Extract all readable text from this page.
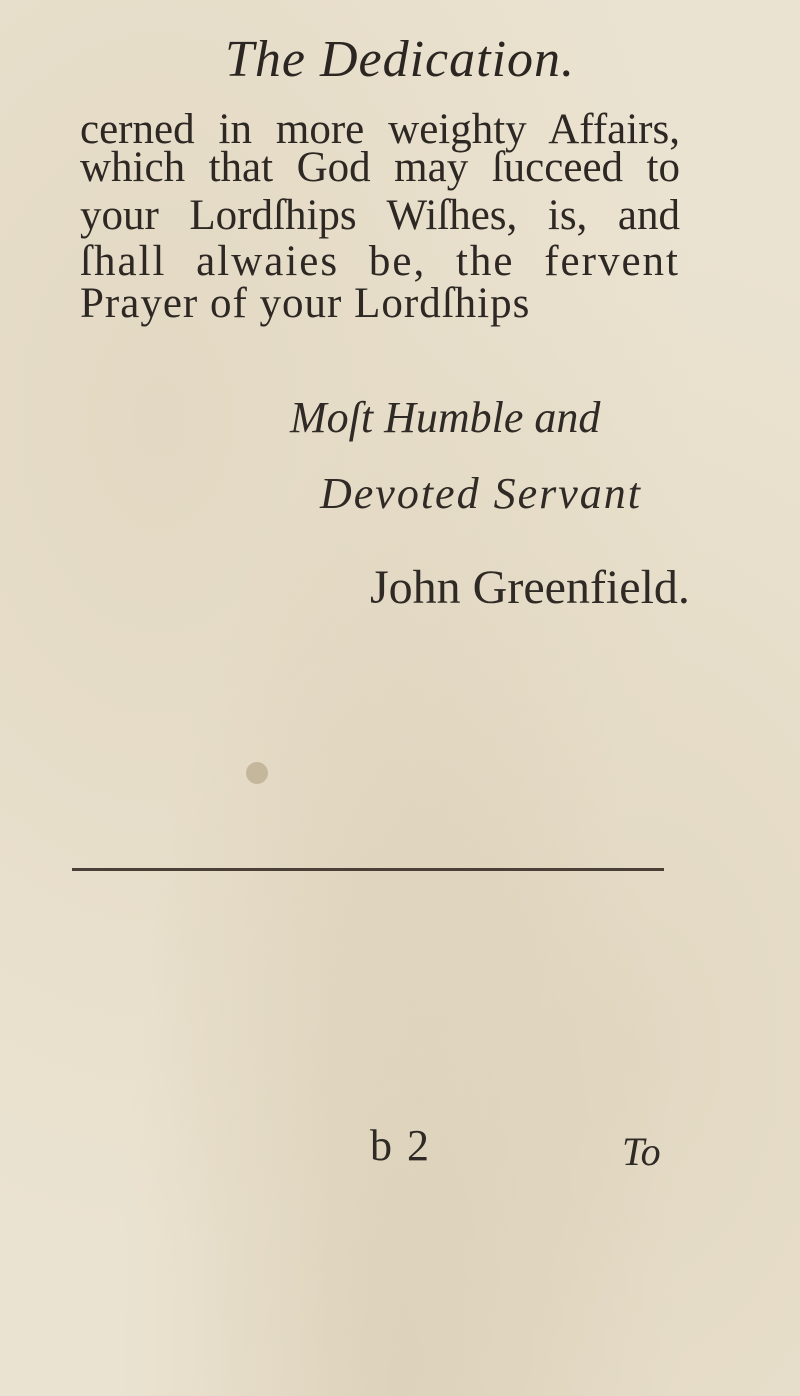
The Dedication.
cerned in more weighty Affairs,
which that God may ſucceed to
your Lordſhips Wiſhes, is, and
ſhall alwaies be, the fervent
Prayer of your Lordſhips
Moſt Humble and
Devoted Servant
John Greenfield.
b 2	To
